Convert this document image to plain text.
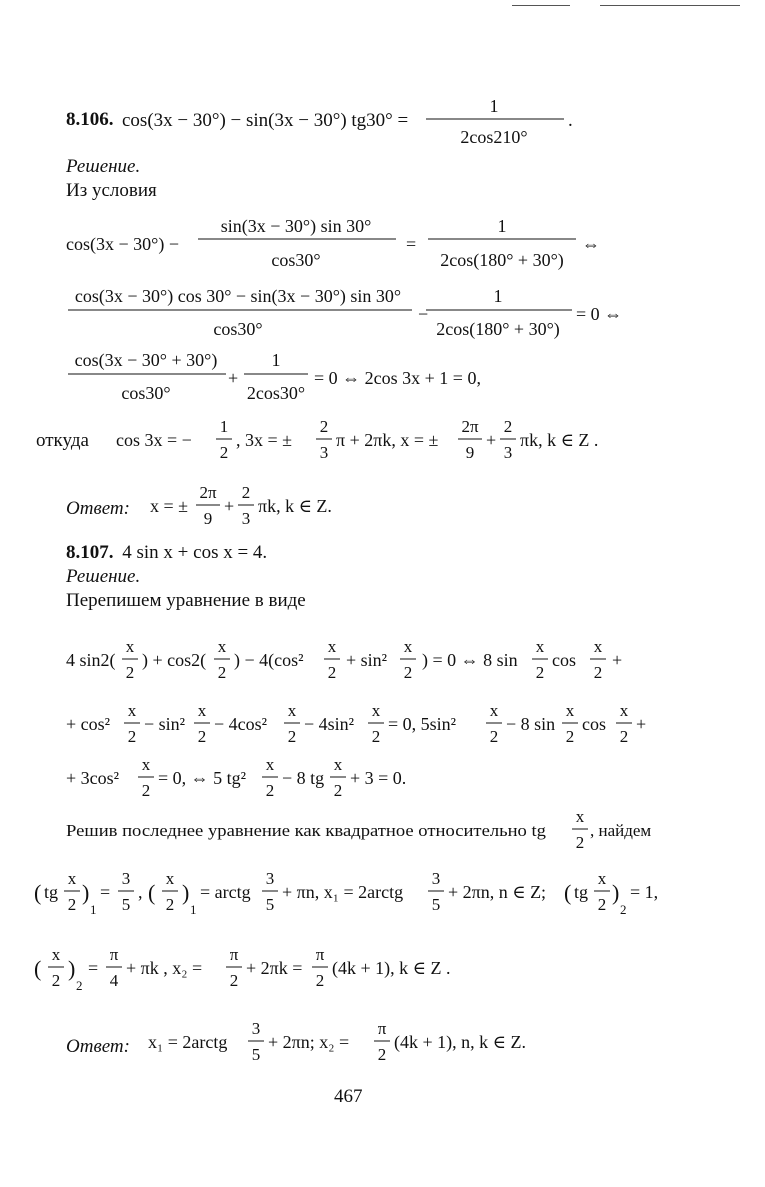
8.106. cos(3x − 30°) − sin(3x − 30°) tg30° =
1
2cos210°
.
Решение.
Из условия
cos(3x − 30°) −
sin(3x − 30°) sin 30°
cos30°
=
1
2cos(180° + 30°)
⇔
cos(3x − 30°) cos 30° − sin(3x − 30°) sin 30°
cos30°
−
1
2cos(180° + 30°)
= 0 ⇔
cos(3x − 30° + 30°)
cos30°
+
1
2cos30°
= 0 ⇔ 2cos 3x + 1 = 0,
откуда cos 3x = −
1
2
, 3x = ±
2
3
π + 2πk, x = ±
2π
9
+
2
3
πk, k ∈ Z .
Ответ: x = ±
2π
9
+
2
3
πk, k ∈ Z.
8.107.  4 sin x + cos x = 4.
Решение.
Перепишем уравнение в виде
4 sin2(
x
2
) + cos2(
x
2
) − 4(cos²
x
2
+ sin²
x
2
) = 0 ⇔ 8 sin
x
2
cos
x
2
+
+ cos²
x
2
− sin²
x
2
− 4cos²
x
2
− 4sin²
x
2
= 0, 5sin²
x
2
− 8 sin
x
2
cos
x
2
+
+ 3cos²
x
2
= 0, ⇔ 5 tg²
x
2
− 8 tg
x
2
+ 3 = 0.
Решив последнее уравнение как квадратное относительно tg
x
2
, найдем
( tg
x
2 )
1
=
3
5
, (
x
2 )
1
= arctg
3
5
+ πn, x₁ = 2arctg
3
5
+ 2πn, n ∈ Z; ( tg
x
2 )
2
= 1,
(
x
2 )
2
=
π
4
+ πk , x₂ =
π
2
+ 2πk =
π
2
(4k + 1), k ∈ Z .
Ответ: x₁ = 2arctg
3
5
+ 2πn; x₂ =
π
2
(4k + 1), n, k ∈ Z.
467
